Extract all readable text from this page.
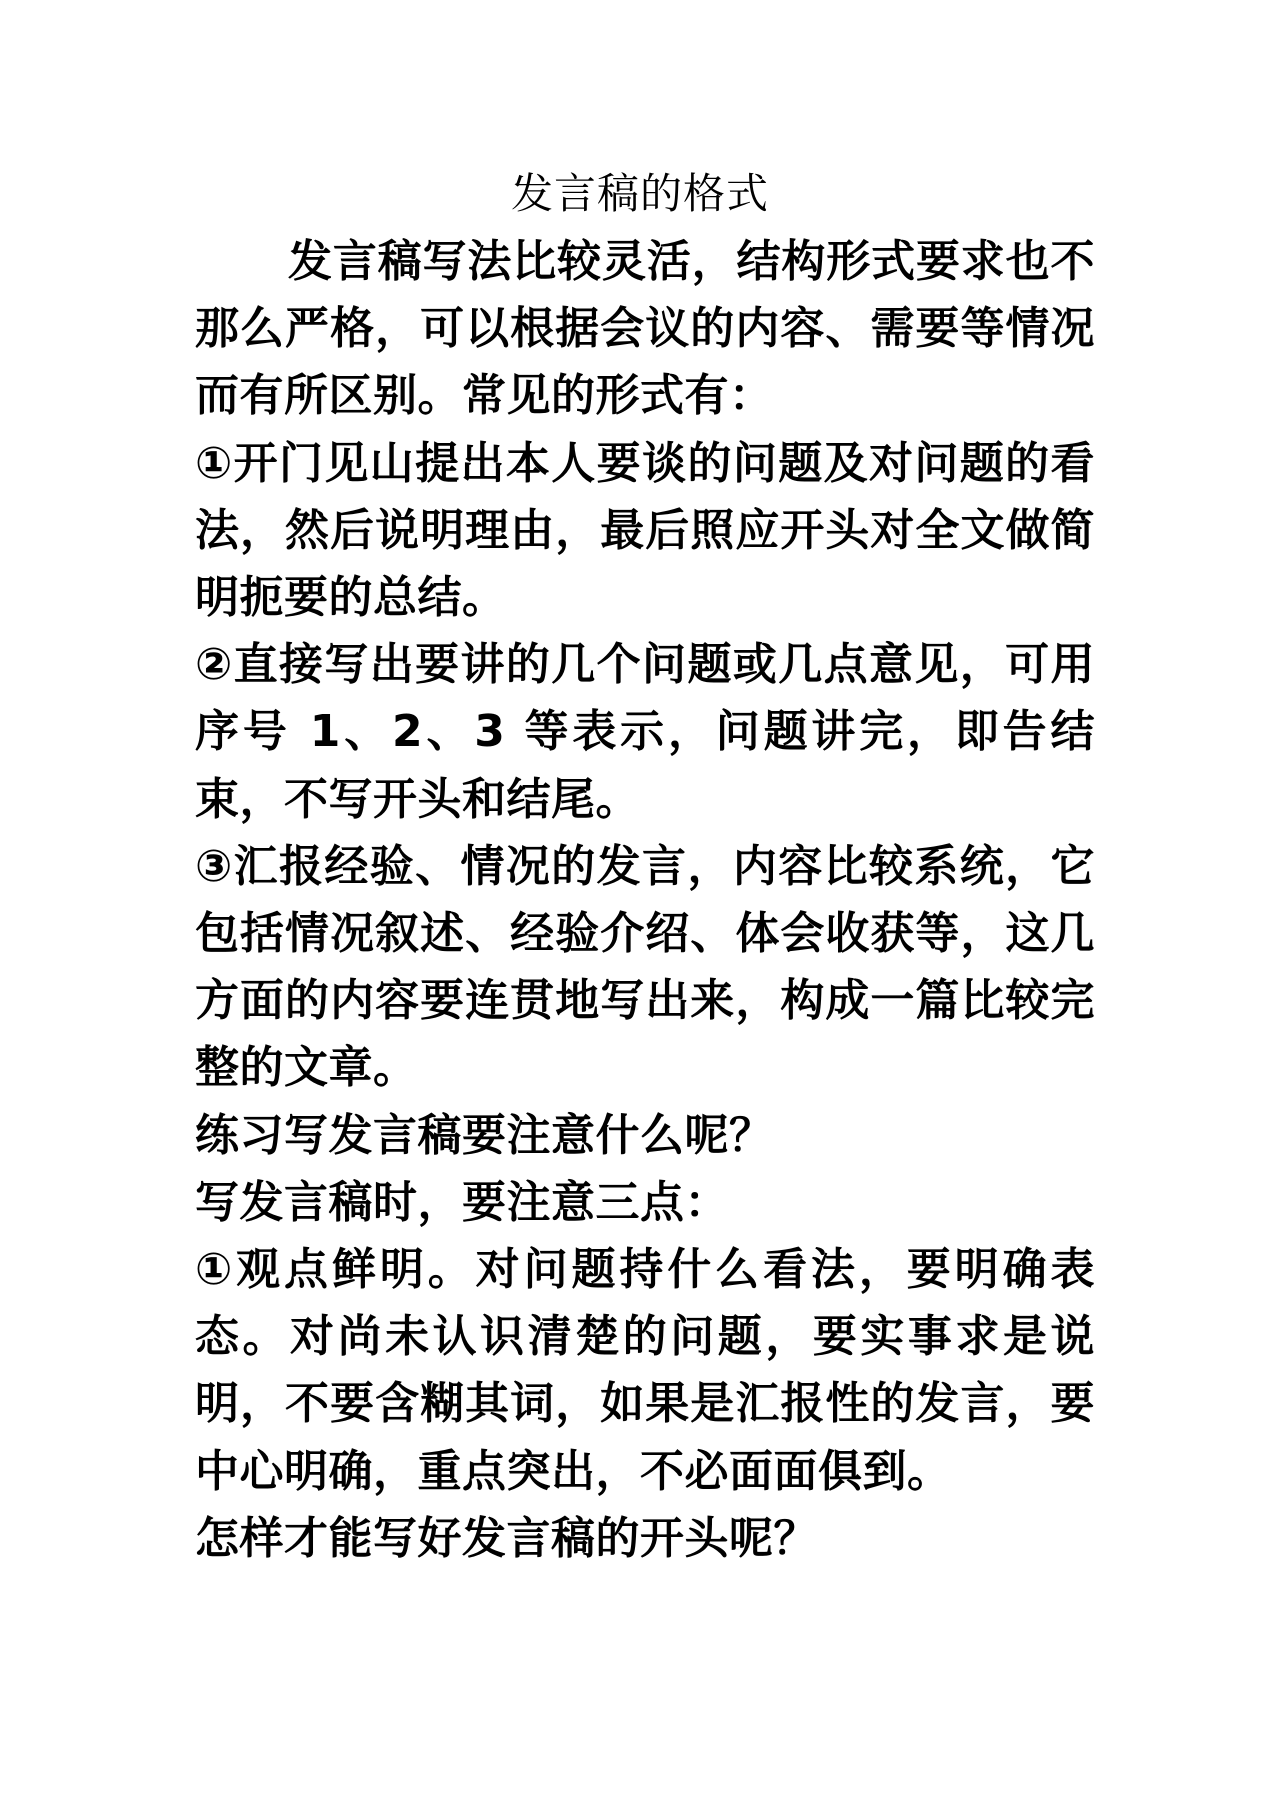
发言稿的格式

发言稿写法比较灵活，结构形式要求也不那么严格，可以根据会议的内容、需要等情况而有所区别。常见的形式有：

①开门见山提出本人要谈的问题及对问题的看法，然后说明理由，最后照应开头对全文做简明扼要的总结。

②直接写出要讲的几个问题或几点意见，可用序号 1、2、3 等表示，问题讲完，即告结束，不写开头和结尾。

③汇报经验、情况的发言，内容比较系统，它包括情况叙述、经验介绍、体会收获等，这几方面的内容要连贯地写出来，构成一篇比较完整的文章。

练习写发言稿要注意什么呢？

写发言稿时，要注意三点：

①观点鲜明。对问题持什么看法，要明确表态。对尚未认识清楚的问题，要实事求是说明，不要含糊其词，如果是汇报性的发言，要中心明确，重点突出，不必面面俱到。

怎样才能写好发言稿的开头呢？
